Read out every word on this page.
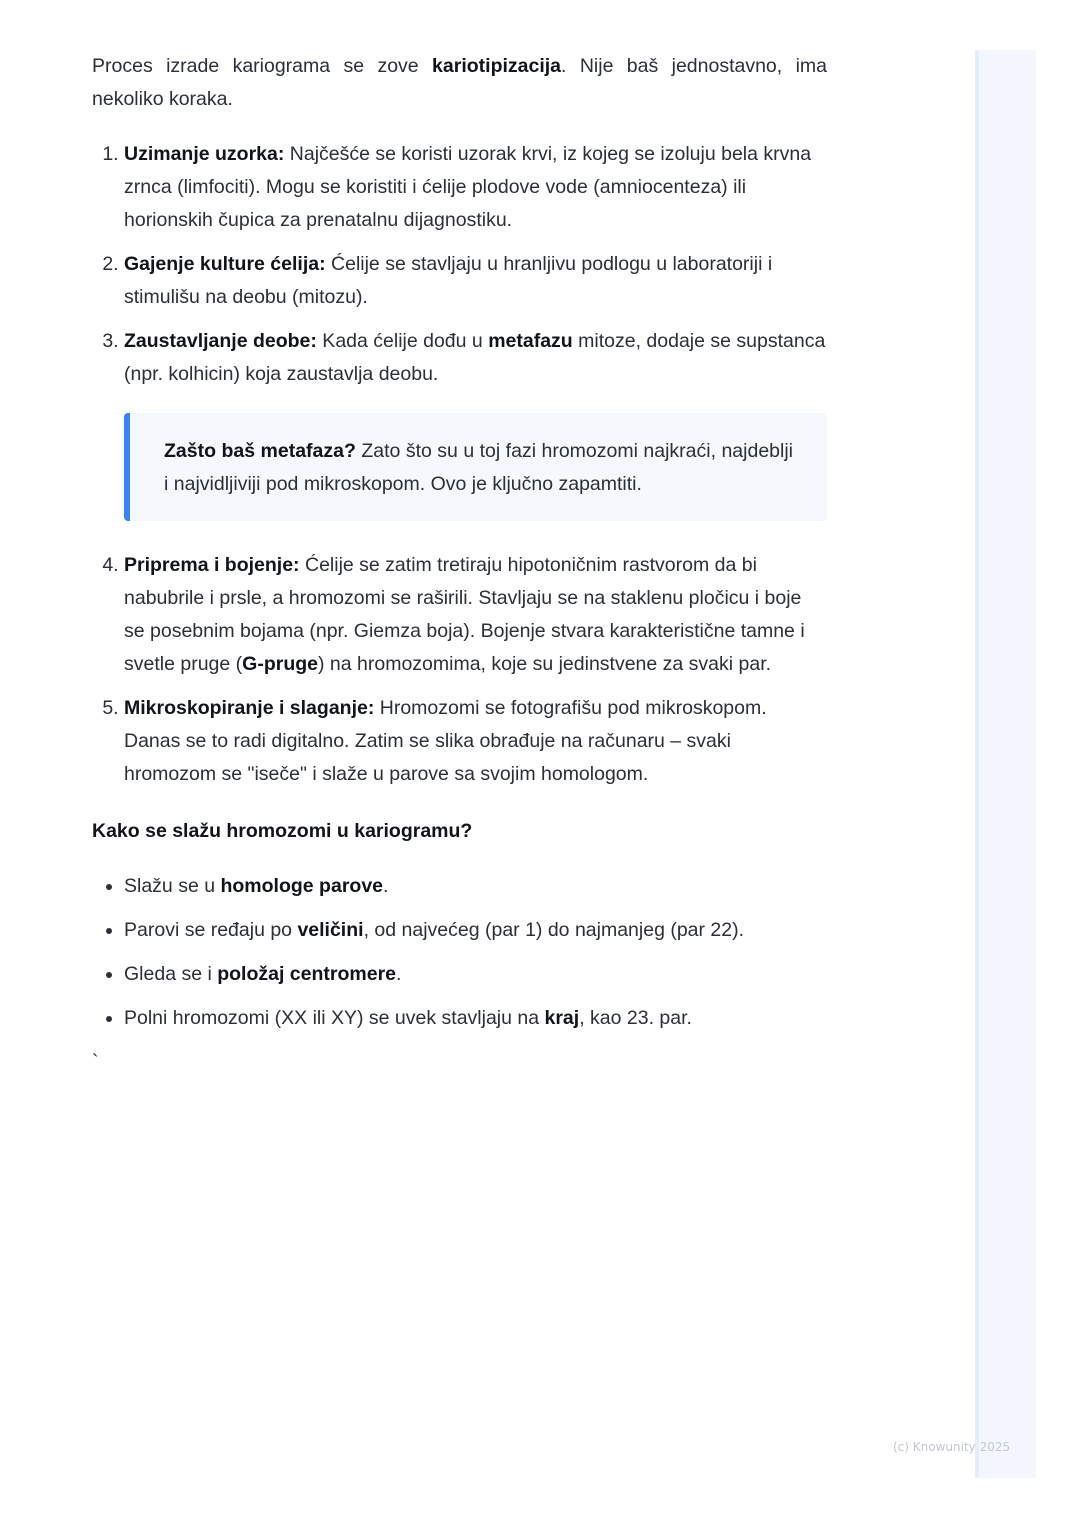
Proces izrade kariograma se zove kariotipizacija. Nije baš jednostavno, ima nekoliko koraka.

1. Uzimanje uzorka: Najčešće se koristi uzorak krvi, iz kojeg se izoluju bela krvna zrnca (limfociti). Mogu se koristiti i ćelije plodove vode (amniocenteza) ili horionskih čupica za prenatalnu dijagnostiku.
2. Gajenje kulture ćelija: Ćelije se stavljaju u hranljivu podlogu u laboratoriji i stimulišu na deobu (mitozu).
3. Zaustavljanje deobe: Kada ćelije dođu u metafazu mitoze, dodaje se supstanca (npr. kolhicin) koja zaustavlja deobu.
Zašto baš metafaza? Zato što su u toj fazi hromozomi najkraći, najdeblji i najvidljiviji pod mikroskopom. Ovo je ključno zapamtiti.
4. Priprema i bojenje: Ćelije se zatim tretiraju hipotoničnim rastvorom da bi nabubrile i prsle, a hromozomi se raširili. Stavljaju se na staklenu pločicu i boje se posebnim bojama (npr. Giemza boja). Bojenje stvara karakteristične tamne i svetle pruge (G-pruge) na hromozomima, koje su jedinstvene za svaki par.
5. Mikroskopiranje i slaganje: Hromozomi se fotografišu pod mikroskopom. Danas se to radi digitalno. Zatim se slika obrađuje na računaru – svaki hromozom se "iseče" i slaže u parove sa svojim homologom.
Kako se slažu hromozomi u kariogramu?
• Slažu se u homologe parove.
• Parovi se ređaju po veličini, od najvećeg (par 1) do najmanjeg (par 22).
• Gleda se i položaj centromere.
• Polni hromozomi (XX ili XY) se uvek stavljaju na kraj, kao 23. par.
`
(c) Knowunity 2025
